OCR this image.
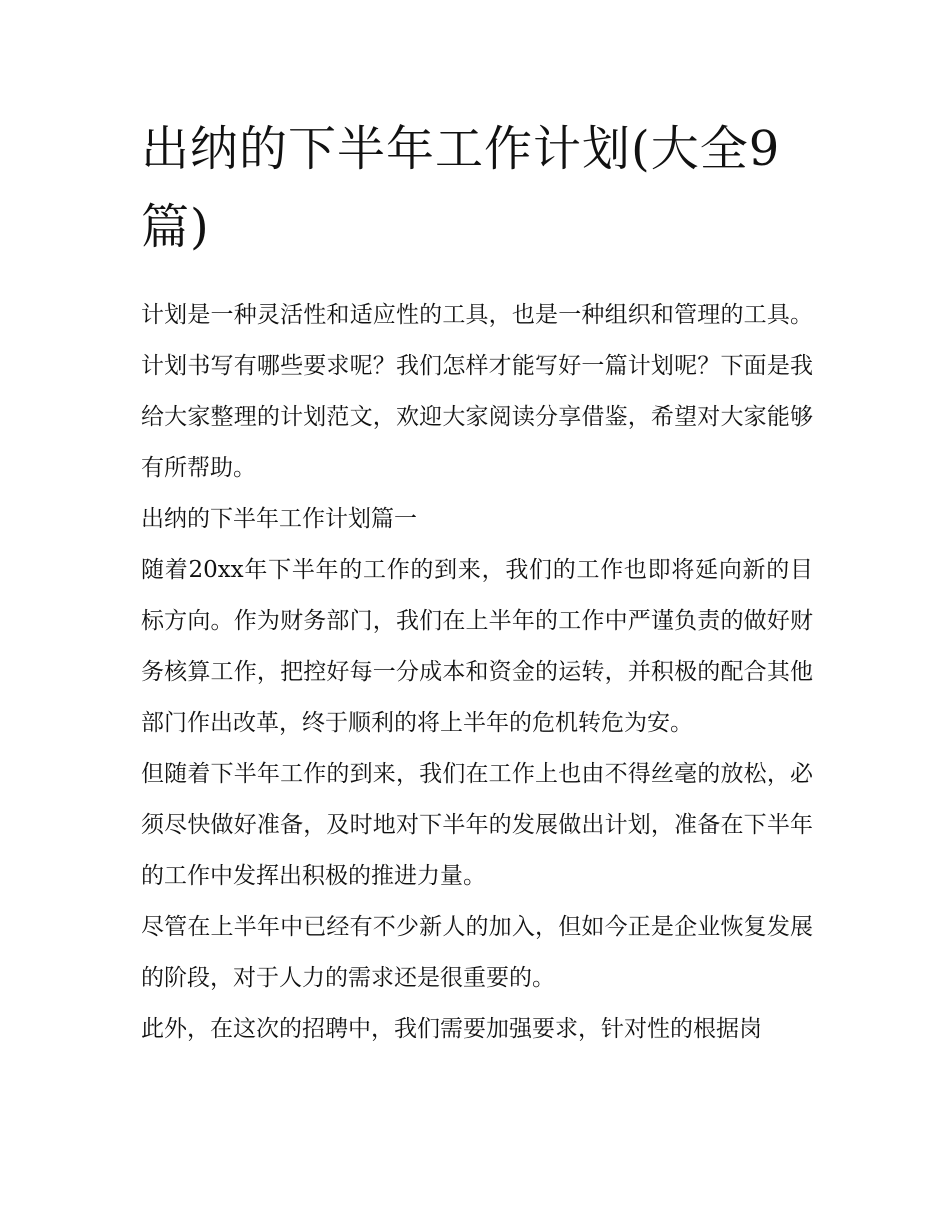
出纳的下半年工作计划(大全9篇)

计划是一种灵活性和适应性的工具，也是一种组织和管理的工具。计划书写有哪些要求呢？我们怎样才能写好一篇计划呢？下面是我给大家整理的计划范文，欢迎大家阅读分享借鉴，希望对大家能够有所帮助。

出纳的下半年工作计划篇一

随着20xx年下半年的工作的到来，我们的工作也即将延向新的目标方向。作为财务部门，我们在上半年的工作中严谨负责的做好财务核算工作，把控好每一分成本和资金的运转，并积极的配合其他部门作出改革，终于顺利的将上半年的危机转危为安。

但随着下半年工作的到来，我们在工作上也由不得丝毫的放松，必须尽快做好准备，及时地对下半年的发展做出计划，准备在下半年的工作中发挥出积极的推进力量。

尽管在上半年中已经有不少新人的加入，但如今正是企业恢复发展的阶段，对于人力的需求还是很重要的。

此外，在这次的招聘中，我们需要加强要求，针对性的根据岗
